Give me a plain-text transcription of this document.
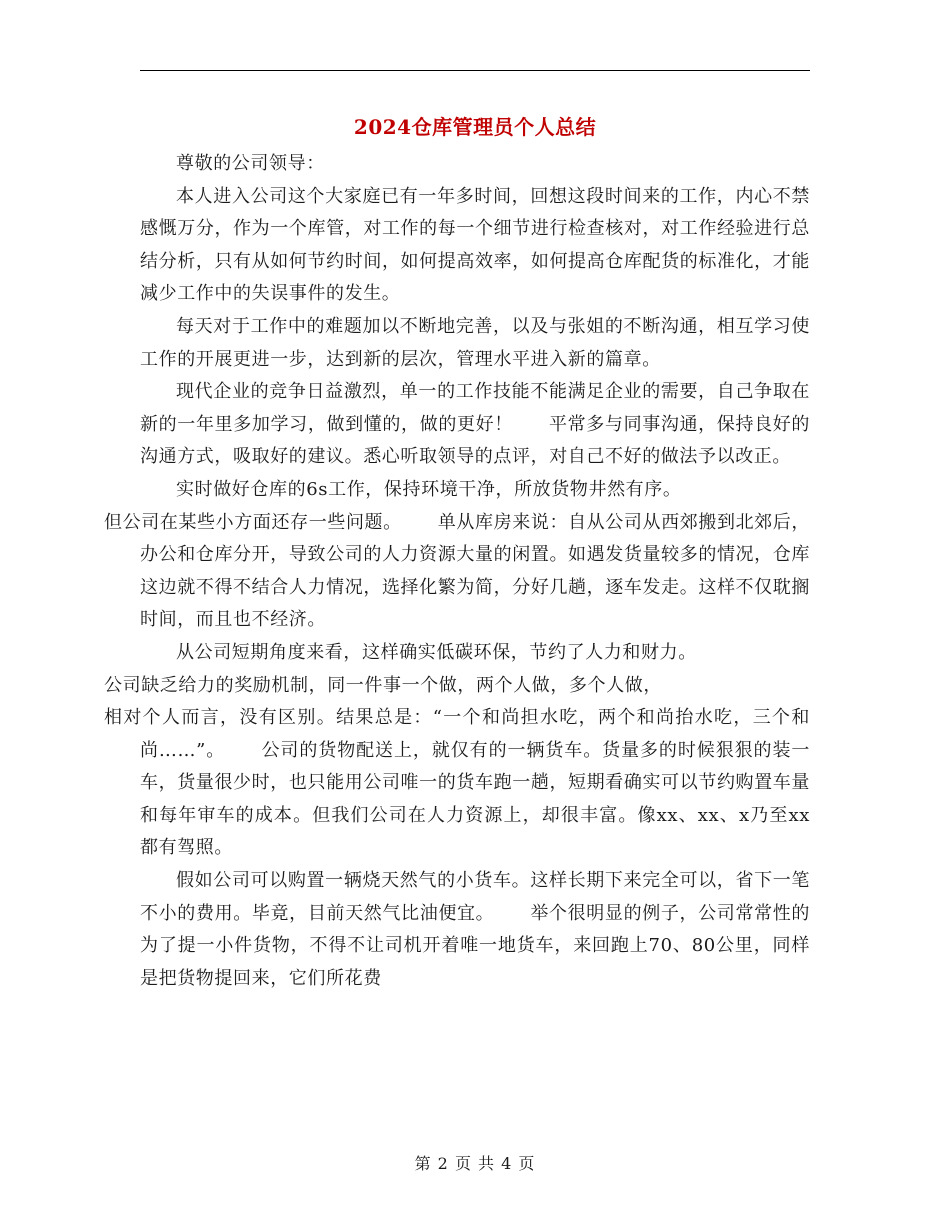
2024仓库管理员个人总结

尊敬的公司领导：

本人进入公司这个大家庭已有一年多时间，回想这段时间来的工作，内心不禁感慨万分，作为一个库管，对工作的每一个细节进行检查核对，对工作经验进行总结分析，只有从如何节约时间，如何提高效率，如何提高仓库配货的标准化，才能减少工作中的失误事件的发生。

每天对于工作中的难题加以不断地完善，以及与张姐的不断沟通，相互学习使工作的开展更进一步，达到新的层次，管理水平进入新的篇章。

现代企业的竞争日益激烈，单一的工作技能不能满足企业的需要，自己争取在新的一年里多加学习，做到懂的，做的更好！ 平常多与同事沟通，保持良好的沟通方式，吸取好的建议。悉心听取领导的点评，对自己不好的做法予以改正。

实时做好仓库的6s工作，保持环境干净，所放货物井然有序。
但公司在某些小方面还存一些问题。 单从库房来说：自从公司从西郊搬到北郊后，办公和仓库分开，导致公司的人力资源大量的闲置。如遇发货量较多的情况，仓库这边就不得不结合人力情况，选择化繁为简，分好几趟，逐车发走。这样不仅耽搁时间，而且也不经济。

从公司短期角度来看，这样确实低碳环保，节约了人力和财力。
公司缺乏给力的奖励机制，同一件事一个做，两个人做，多个人做，
相对个人而言，没有区别。结果总是：“一个和尚担水吃，两个和尚抬水吃，三个和尚……”。 公司的货物配送上，就仅有的一辆货车。货量多的时候狠狠的装一车，货量很少时，也只能用公司唯一的货车跑一趟，短期看确实可以节约购置车量和每年审车的成本。但我们公司在人力资源上，却很丰富。像xx、xx、x乃至xx都有驾照。

假如公司可以购置一辆烧天然气的小货车。这样长期下来完全可以，省下一笔不小的费用。毕竟，目前天然气比油便宜。 举个很明显的例子，公司常常性的为了提一小件货物，不得不让司机开着唯一地货车，来回跑上70、80公里，同样是把货物提回来，它们所花费

第 2 页 共 4 页
